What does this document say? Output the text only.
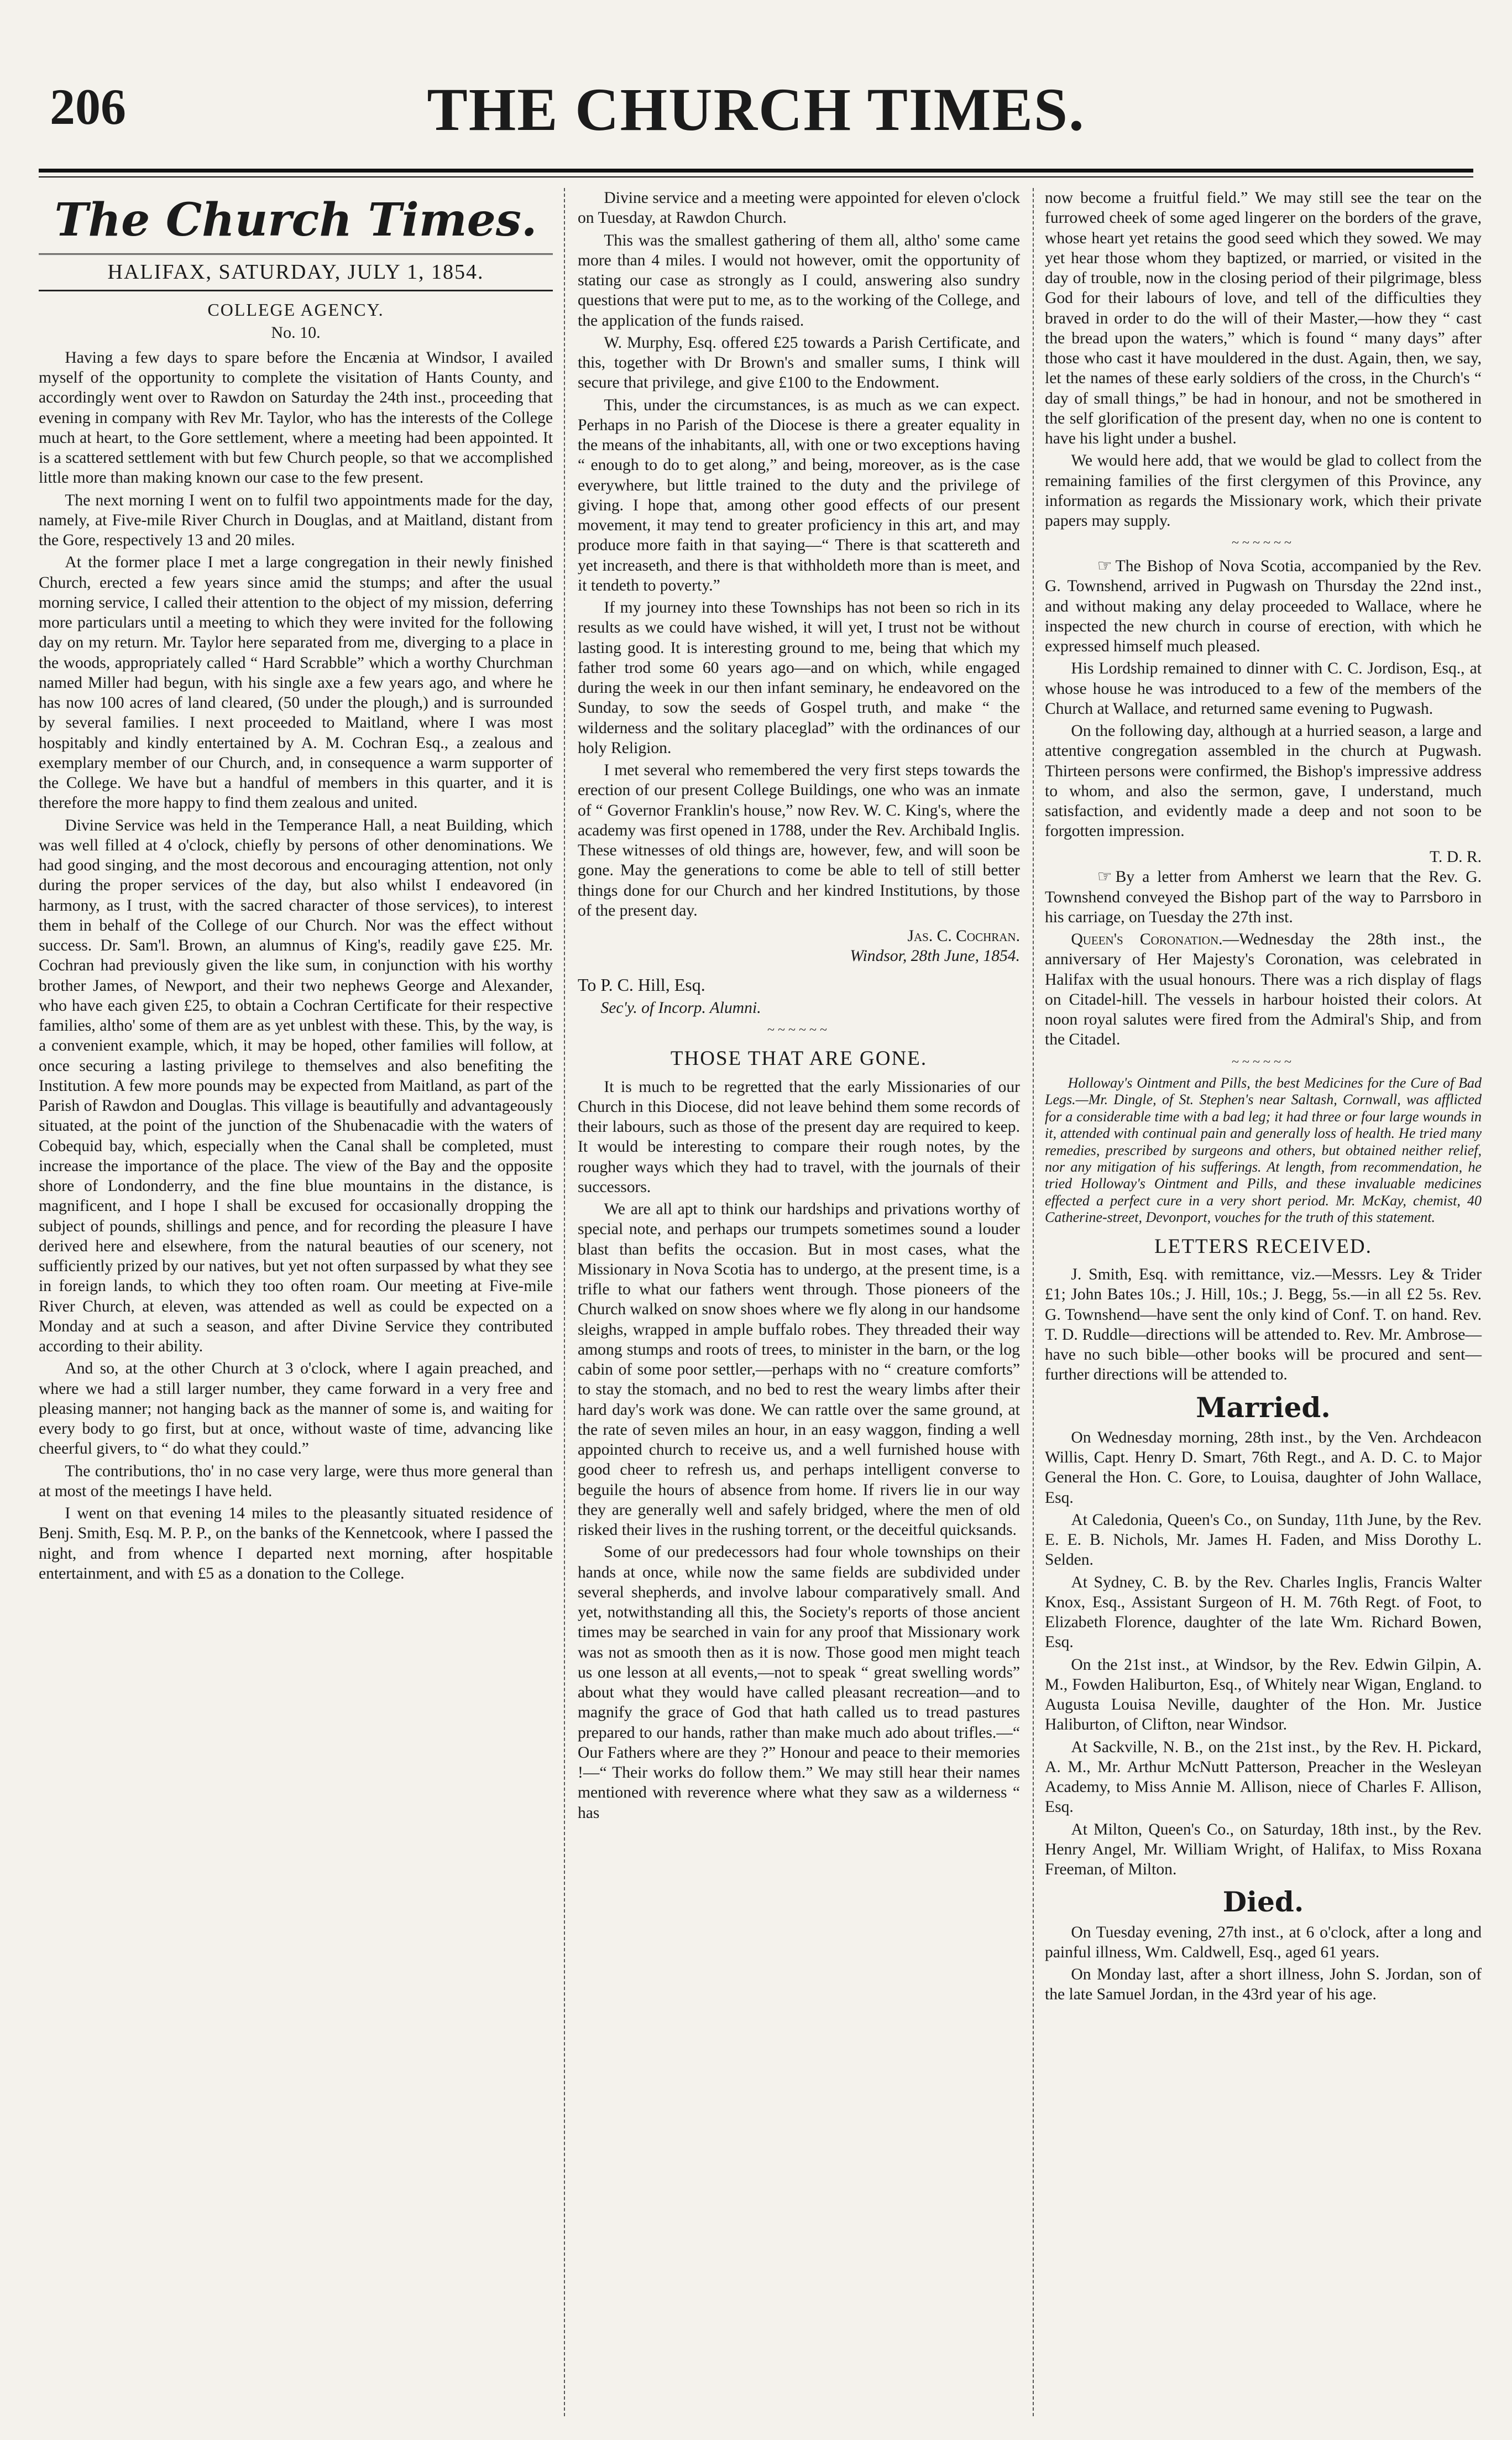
206	THE CHURCH TIMES.
The Church Times.
HALIFAX, SATURDAY, JULY 1, 1854.
COLLEGE AGENCY.
No. 10.

Having a few days to spare before the Encænia at Windsor, I availed myself of the opportunity to complete the visitation of Hants County, and accordingly went over to Rawdon on Saturday the 24th inst., proceeding that evening in company with Rev Mr. Taylor, who has the interests of the College much at heart, to the Gore settlement, where a meeting had been appointed. It is a scattered settlement with but few Church people, so that we accomplished little more than making known our case to the few present.

The next morning I went on to fulfil two appointments made for the day, namely, at Five-mile River Church in Douglas, and at Maitland, distant from the Gore, respectively 13 and 20 miles.

At the former place I met a large congregation in their newly finished Church, erected a few years since amid the stumps; and after the usual morning service, I called their attention to the object of my mission, deferring more particulars until a meeting to which they were invited for the following day on my return. Mr. Taylor here separated from me, diverging to a place in the woods, appropriately called “ Hard Scrabble” which a worthy Churchman named Miller had begun, with his single axe a few years ago, and where he has now 100 acres of land cleared, (50 under the plough,) and is surrounded by several families. I next proceeded to Maitland, where I was most hospitably and kindly entertained by A. M. Cochran Esq., a zealous and exemplary member of our Church, and, in consequence a warm supporter of the College. We have but a handful of members in this quarter, and it is therefore the more happy to find them zealous and united.

Divine Service was held in the Temperance Hall, a neat Building, which was well filled at 4 o'clock, chiefly by persons of other denominations. We had good singing, and the most decorous and encouraging attention, not only during the proper services of the day, but also whilst I endeavored (in harmony, as I trust, with the sacred character of those services), to interest them in behalf of the College of our Church. Nor was the effect without success. Dr. Sam'l. Brown, an alumnus of King's, readily gave £25. Mr. Cochran had previously given the like sum, in conjunction with his worthy brother James, of Newport, and their two nephews George and Alexander, who have each given £25, to obtain a Cochran Certificate for their respective families, altho' some of them are as yet unblest with these. This, by the way, is a convenient example, which, it may be hoped, other families will follow, at once securing a lasting privilege to themselves and also benefiting the Institution. A few more pounds may be expected from Maitland, as part of the Parish of Rawdon and Douglas. This village is beautifully and advantageously situated, at the point of the junction of the Shubenacadie with the waters of Cobequid bay, which, especially when the Canal shall be completed, must increase the importance of the place. The view of the Bay and the opposite shore of Londonderry, and the fine blue mountains in the distance, is magnificent, and I hope I shall be excused for occasionally dropping the subject of pounds, shillings and pence, and for recording the pleasure I have derived here and elsewhere, from the natural beauties of our scenery, not sufficiently prized by our natives, but yet not often surpassed by what they see in foreign lands, to which they too often roam. Our meeting at Five-mile River Church, at eleven, was attended as well as could be expected on a Monday and at such a season, and after Divine Service they contributed according to their ability.

And so, at the other Church at 3 o'clock, where I again preached, and where we had a still larger number, they came forward in a very free and pleasing manner; not hanging back as the manner of some is, and waiting for every body to go first, but at once, without waste of time, advancing like cheerful givers, to “ do what they could.”

The contributions, tho' in no case very large, were thus more general than at most of the meetings I have held.

I went on that evening 14 miles to the pleasantly situated residence of Benj. Smith, Esq. M. P. P., on the banks of the Kennetcook, where I passed the night, and from whence I departed next morning, after hospitable entertainment, and with £5 as a donation to the College.

Divine service and a meeting were appointed for eleven o'clock on Tuesday, at Rawdon Church.

This was the smallest gathering of them all, altho' some came more than 4 miles. I would not however, omit the opportunity of stating our case as strongly as I could, answering also sundry questions that were put to me, as to the working of the College, and the application of the funds raised.

W. Murphy, Esq. offered £25 towards a Parish Certificate, and this, together with Dr Brown's and smaller sums, I think will secure that privilege, and give £100 to the Endowment.

This, under the circumstances, is as much as we can expect. Perhaps in no Parish of the Diocese is there a greater equality in the means of the inhabitants, all, with one or two exceptions having “ enough to do to get along,” and being, moreover, as is the case everywhere, but little trained to the duty and the privilege of giving. I hope that, among other good effects of our present movement, it may tend to greater proficiency in this art, and may produce more faith in that saying—“ There is that scattereth and yet increaseth, and there is that withholdeth more than is meet, and it tendeth to poverty.”

If my journey into these Townships has not been so rich in its results as we could have wished, it will yet, I trust not be without lasting good. It is interesting ground to me, being that which my father trod some 60 years ago—and on which, while engaged during the week in our then infant seminary, he endeavored on the Sunday, to sow the seeds of Gospel truth, and make “ the wilderness and the solitary placeglad” with the ordinances of our holy Religion.

I met several who remembered the very first steps towards the erection of our present College Buildings, one who was an inmate of “ Governor Franklin's house,” now Rev. W. C. King's, where the academy was first opened in 1788, under the Rev. Archibald Inglis. These witnesses of old things are, however, few, and will soon be gone. May the generations to come be able to tell of still better things done for our Church and her kindred Institutions, by those of the present day.

Jas. C. Cochran.
Windsor, 28th June, 1854.

To P. C. Hill, Esq.

Sec'y. of Incorp. Alumni.

~~~~~~
THOSE THAT ARE GONE.

It is much to be regretted that the early Missionaries of our Church in this Diocese, did not leave behind them some records of their labours, such as those of the present day are required to keep. It would be interesting to compare their rough notes, by the rougher ways which they had to travel, with the journals of their successors.

We are all apt to think our hardships and privations worthy of special note, and perhaps our trumpets sometimes sound a louder blast than befits the occasion. But in most cases, what the Missionary in Nova Scotia has to undergo, at the present time, is a trifle to what our fathers went through. Those pioneers of the Church walked on snow shoes where we fly along in our handsome sleighs, wrapped in ample buffalo robes. They threaded their way among stumps and roots of trees, to minister in the barn, or the log cabin of some poor settler,—perhaps with no “ creature comforts” to stay the stomach, and no bed to rest the weary limbs after their hard day's work was done. We can rattle over the same ground, at the rate of seven miles an hour, in an easy waggon, finding a well appointed church to receive us, and a well furnished house with good cheer to refresh us, and perhaps intelligent converse to beguile the hours of absence from home. If rivers lie in our way they are generally well and safely bridged, where the men of old risked their lives in the rushing torrent, or the deceitful quicksands.

Some of our predecessors had four whole townships on their hands at once, while now the same fields are subdivided under several shepherds, and involve labour comparatively small. And yet, notwithstanding all this, the Society's reports of those ancient times may be searched in vain for any proof that Missionary work was not as smooth then as it is now. Those good men might teach us one lesson at all events,—not to speak “ great swelling words” about what they would have called pleasant recreation—and to magnify the grace of God that hath called us to tread pastures prepared to our hands, rather than make much ado about trifles.—“ Our Fathers where are they ?” Honour and peace to their memories !—“ Their works do follow them.” We may still hear their names mentioned with reverence where what they saw as a wilderness “ has

now become a fruitful field.” We may still see the tear on the furrowed cheek of some aged lingerer on the borders of the grave, whose heart yet retains the good seed which they sowed. We may yet hear those whom they baptized, or married, or visited in the day of trouble, now in the closing period of their pilgrimage, bless God for their labours of love, and tell of the difficulties they braved in order to do the will of their Master,—how they “ cast the bread upon the waters,” which is found “ many days” after those who cast it have mouldered in the dust. Again, then, we say, let the names of these early soldiers of the cross, in the Church's “ day of small things,” be had in honour, and not be smothered in the self glorification of the present day, when no one is content to have his light under a bushel.

We would here add, that we would be glad to collect from the remaining families of the first clergymen of this Province, any information as regards the Missionary work, which their private papers may supply.

~~~~~~

☞ The Bishop of Nova Scotia, accompanied by the Rev. G. Townshend, arrived in Pugwash on Thursday the 22nd inst., and without making any delay proceeded to Wallace, where he inspected the new church in course of erection, with which he expressed himself much pleased.

His Lordship remained to dinner with C. C. Jordison, Esq., at whose house he was introduced to a few of the members of the Church at Wallace, and returned same evening to Pugwash.

On the following day, although at a hurried season, a large and attentive congregation assembled in the church at Pugwash. Thirteen persons were confirmed, the Bishop's impressive address to whom, and also the sermon, gave, I understand, much satisfaction, and evidently made a deep and not soon to be forgotten impression.

T. D. R.

☞ By a letter from Amherst we learn that the Rev. G. Townshend conveyed the Bishop part of the way to Parrsboro in his carriage, on Tuesday the 27th inst.

Queen's Coronation.—Wednesday the 28th inst., the anniversary of Her Majesty's Coronation, was celebrated in Halifax with the usual honours. There was a rich display of flags on Citadel-hill. The vessels in harbour hoisted their colors. At noon royal salutes were fired from the Admiral's Ship, and from the Citadel.

~~~~~~

Holloway's Ointment and Pills, the best Medicines for the Cure of Bad Legs.—Mr. Dingle, of St. Stephen's near Saltash, Cornwall, was afflicted for a considerable time with a bad leg; it had three or four large wounds in it, attended with continual pain and generally loss of health. He tried many remedies, prescribed by surgeons and others, but obtained neither relief, nor any mitigation of his sufferings. At length, from recommendation, he tried Holloway's Ointment and Pills, and these invaluable medicines effected a perfect cure in a very short period. Mr. McKay, chemist, 40 Catherine-street, Devonport, vouches for the truth of this statement.

LETTERS RECEIVED.

J. Smith, Esq. with remittance, viz.—Messrs. Ley & Trider £1; John Bates 10s.; J. Hill, 10s.; J. Begg, 5s.—in all £2 5s. Rev. G. Townshend—have sent the only kind of Conf. T. on hand. Rev. T. D. Ruddle—directions will be attended to. Rev. Mr. Ambrose—have no such bible—other books will be procured and sent—further directions will be attended to.

Married.

On Wednesday morning, 28th inst., by the Ven. Archdeacon Willis, Capt. Henry D. Smart, 76th Regt., and A. D. C. to Major General the Hon. C. Gore, to Louisa, daughter of John Wallace, Esq.

At Caledonia, Queen's Co., on Sunday, 11th June, by the Rev. E. E. B. Nichols, Mr. James H. Faden, and Miss Dorothy L. Selden.

At Sydney, C. B. by the Rev. Charles Inglis, Francis Walter Knox, Esq., Assistant Surgeon of H. M. 76th Regt. of Foot, to Elizabeth Florence, daughter of the late Wm. Richard Bowen, Esq.

On the 21st inst., at Windsor, by the Rev. Edwin Gilpin, A. M., Fowden Haliburton, Esq., of Whitely near Wigan, England. to Augusta Louisa Neville, daughter of the Hon. Mr. Justice Haliburton, of Clifton, near Windsor.

At Sackville, N. B., on the 21st inst., by the Rev. H. Pickard, A. M., Mr. Arthur McNutt Patterson, Preacher in the Wesleyan Academy, to Miss Annie M. Allison, niece of Charles F. Allison, Esq.

At Milton, Queen's Co., on Saturday, 18th inst., by the Rev. Henry Angel, Mr. William Wright, of Halifax, to Miss Roxana Freeman, of Milton.

Died.

On Tuesday evening, 27th inst., at 6 o'clock, after a long and painful illness, Wm. Caldwell, Esq., aged 61 years.

On Monday last, after a short illness, John S. Jordan, son of the late Samuel Jordan, in the 43rd year of his age.
